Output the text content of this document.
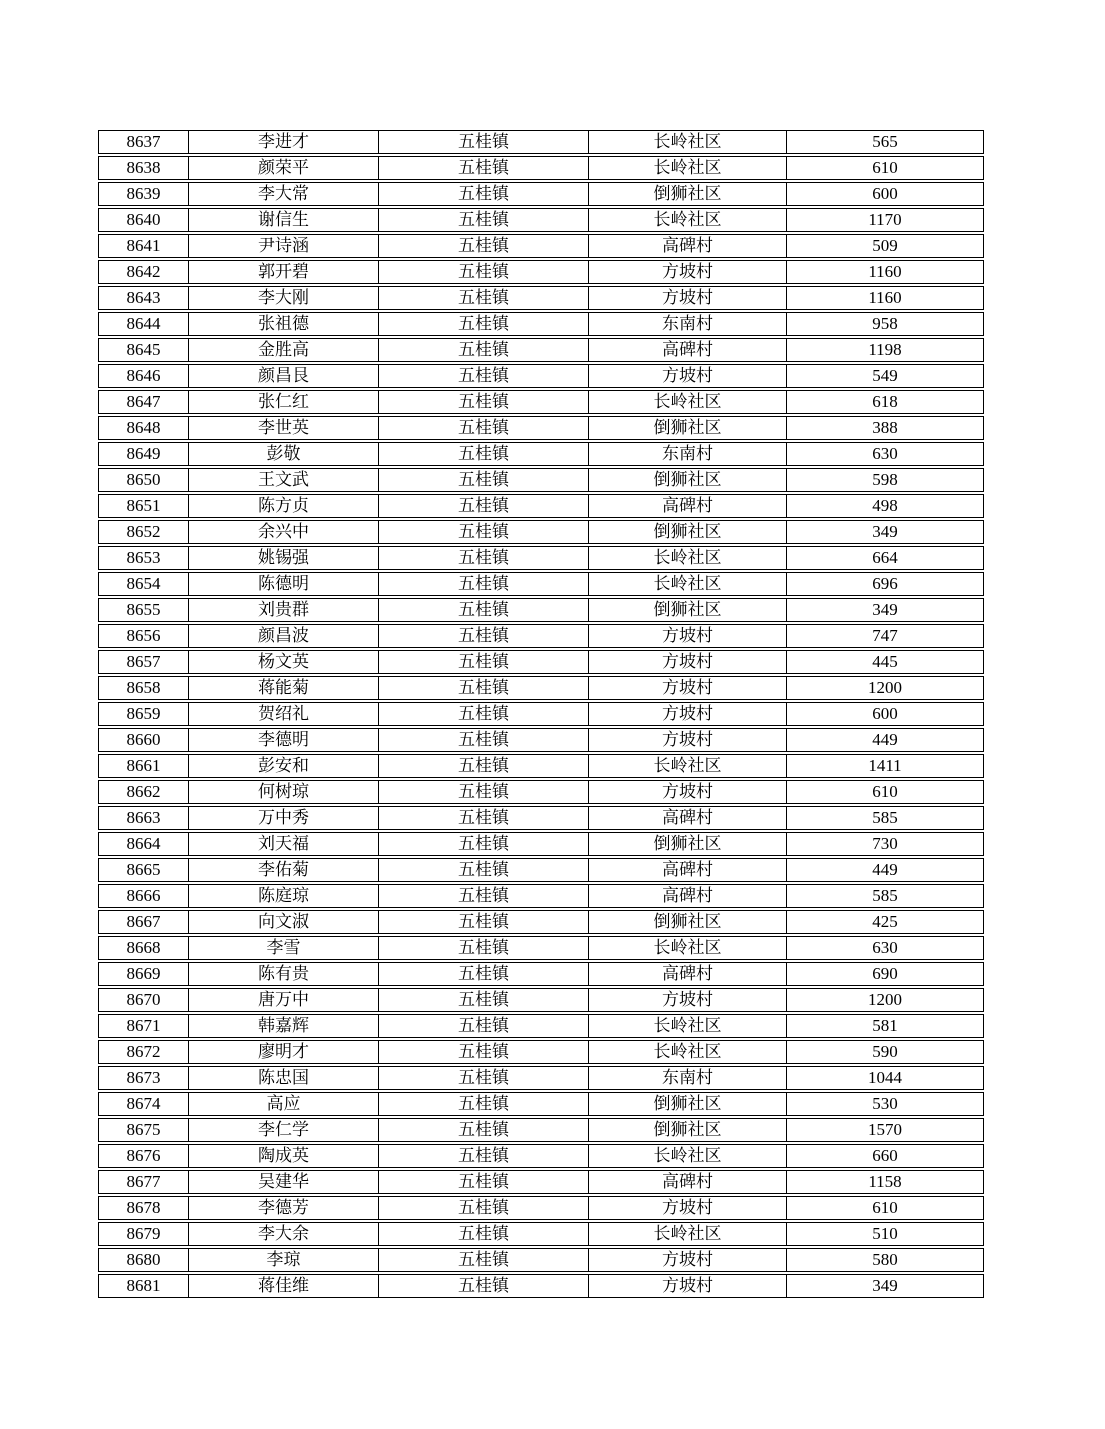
8637	李进才	五桂镇	长岭社区	565
8638	颜荣平	五桂镇	长岭社区	610
8639	李大常	五桂镇	倒狮社区	600
8640	谢信生	五桂镇	长岭社区	1170
8641	尹诗涵	五桂镇	高碑村	509
8642	郭开碧	五桂镇	方坡村	1160
8643	李大刚	五桂镇	方坡村	1160
8644	张祖德	五桂镇	东南村	958
8645	金胜高	五桂镇	高碑村	1198
8646	颜昌艮	五桂镇	方坡村	549
8647	张仁红	五桂镇	长岭社区	618
8648	李世英	五桂镇	倒狮社区	388
8649	彭敬	五桂镇	东南村	630
8650	王文武	五桂镇	倒狮社区	598
8651	陈方贞	五桂镇	高碑村	498
8652	余兴中	五桂镇	倒狮社区	349
8653	姚锡强	五桂镇	长岭社区	664
8654	陈德明	五桂镇	长岭社区	696
8655	刘贵群	五桂镇	倒狮社区	349
8656	颜昌波	五桂镇	方坡村	747
8657	杨文英	五桂镇	方坡村	445
8658	蒋能菊	五桂镇	方坡村	1200
8659	贺绍礼	五桂镇	方坡村	600
8660	李德明	五桂镇	方坡村	449
8661	彭安和	五桂镇	长岭社区	1411
8662	何树琼	五桂镇	方坡村	610
8663	万中秀	五桂镇	高碑村	585
8664	刘天福	五桂镇	倒狮社区	730
8665	李佑菊	五桂镇	高碑村	449
8666	陈庭琼	五桂镇	高碑村	585
8667	向文淑	五桂镇	倒狮社区	425
8668	李雪	五桂镇	长岭社区	630
8669	陈有贵	五桂镇	高碑村	690
8670	唐万中	五桂镇	方坡村	1200
8671	韩嘉辉	五桂镇	长岭社区	581
8672	廖明才	五桂镇	长岭社区	590
8673	陈忠国	五桂镇	东南村	1044
8674	高应	五桂镇	倒狮社区	530
8675	李仁学	五桂镇	倒狮社区	1570
8676	陶成英	五桂镇	长岭社区	660
8677	吴建华	五桂镇	高碑村	1158
8678	李德芳	五桂镇	方坡村	610
8679	李大余	五桂镇	长岭社区	510
8680	李琼	五桂镇	方坡村	580
8681	蒋佳维	五桂镇	方坡村	349
